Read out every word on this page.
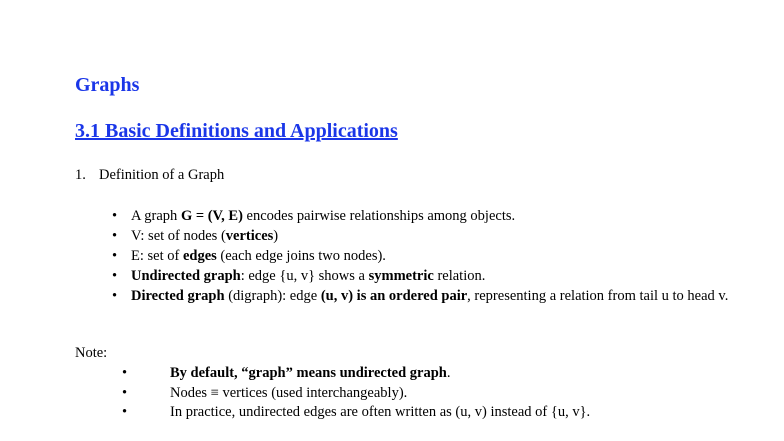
Graphs
3.1 Basic Definitions and Applications
1. Definition of a Graph
• A graph G = (V, E) encodes pairwise relationships among objects.
• V: set of nodes (vertices)
• E: set of edges (each edge joins two nodes).
• Undirected graph: edge {u, v} shows a symmetric relation.
• Directed graph (digraph): edge (u, v) is an ordered pair, representing a relation from tail u to head v.
Note:
•	By default, “graph” means undirected graph.
•	Nodes ≡ vertices (used interchangeably).
•	In practice, undirected edges are often written as (u, v) instead of {u, v}.
